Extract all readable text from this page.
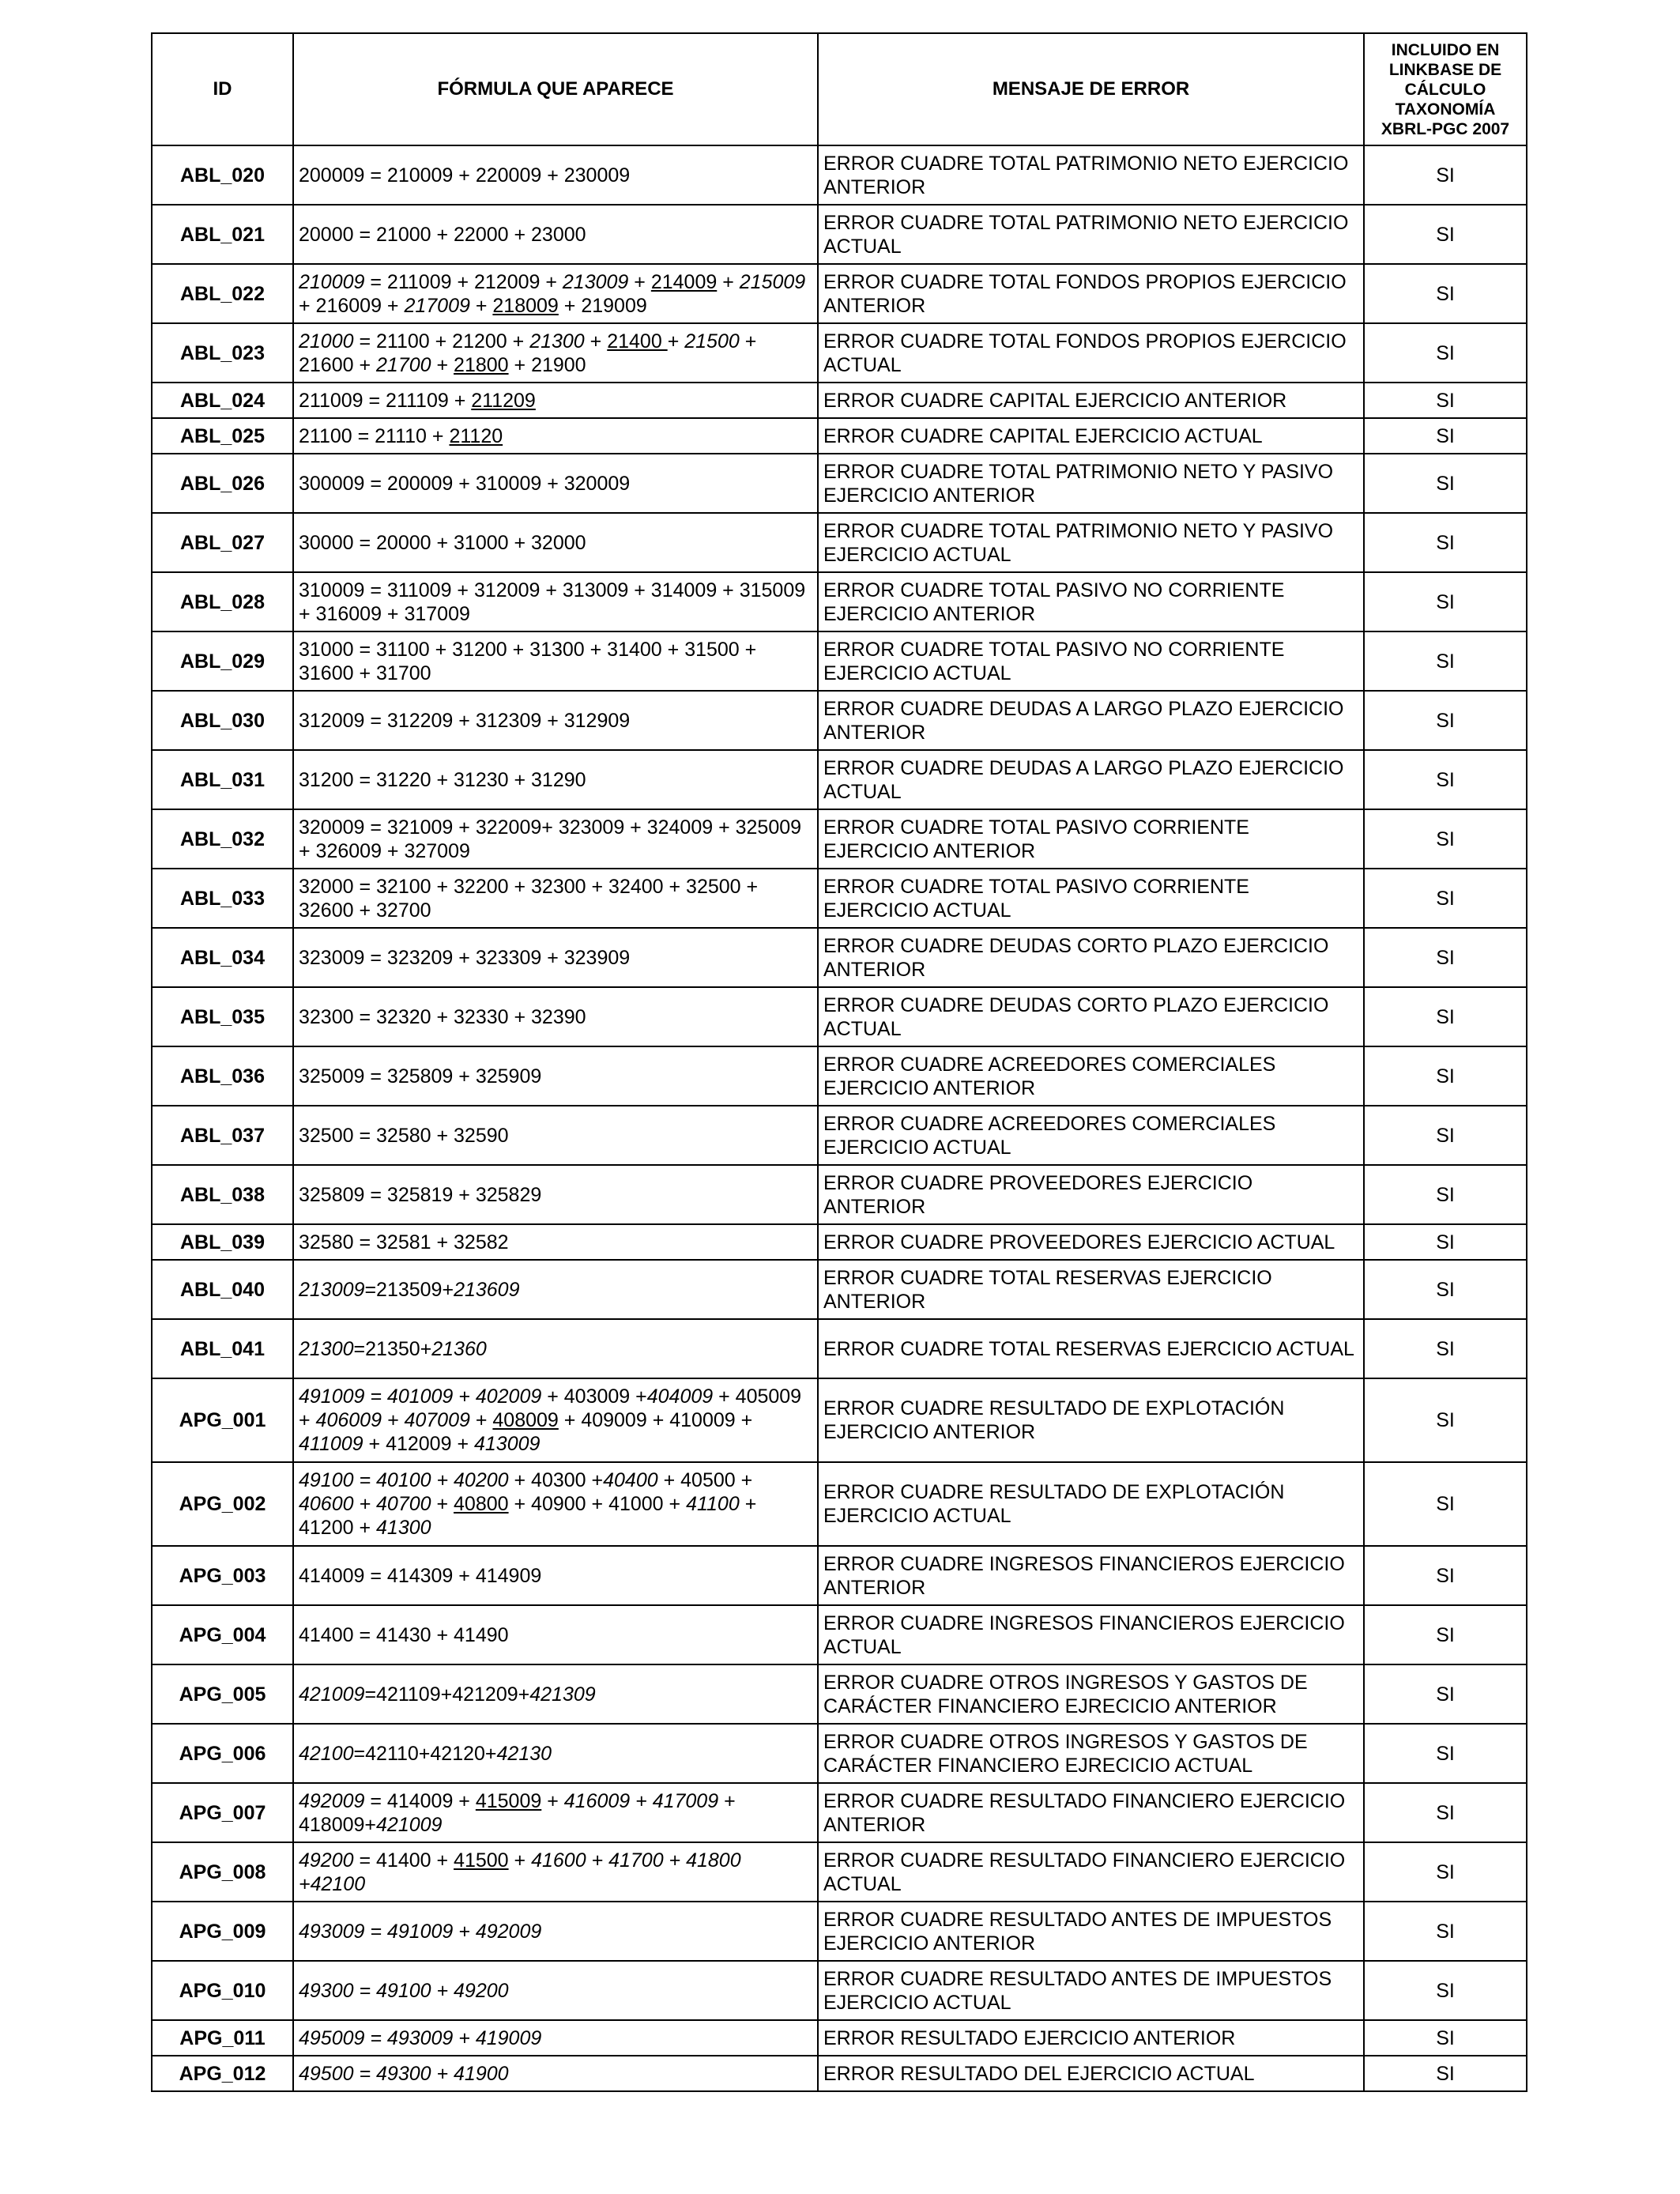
ID	FÓRMULA QUE APARECE	MENSAJE DE ERROR	INCLUIDO EN
LINKBASE DE
CÁLCULO
TAXONOMÍA
XBRL-PGC 2007
ABL_020	200009 = 210009 + 220009 + 230009	ERROR CUADRE TOTAL PATRIMONIO NETO EJERCICIO ANTERIOR	SI
ABL_021	20000 = 21000 + 22000 + 23000	ERROR CUADRE TOTAL PATRIMONIO NETO EJERCICIO ACTUAL	SI
ABL_022	210009 = 211009 + 212009 + 213009 + 214009 + 215009 + 216009 + 217009 + 218009 + 219009	ERROR CUADRE TOTAL FONDOS PROPIOS EJERCICIO ANTERIOR	SI
ABL_023	21000 = 21100 + 21200 + 21300 + 21400 + 21500 + 21600 + 21700 + 21800 + 21900	ERROR CUADRE TOTAL FONDOS PROPIOS EJERCICIO ACTUAL	SI
ABL_024	211009 = 211109 + 211209	ERROR CUADRE CAPITAL EJERCICIO ANTERIOR	SI
ABL_025	21100 = 21110 + 21120	ERROR CUADRE CAPITAL EJERCICIO ACTUAL	SI
ABL_026	300009 = 200009 + 310009 + 320009	ERROR CUADRE TOTAL PATRIMONIO NETO Y PASIVO EJERCICIO ANTERIOR	SI
ABL_027	30000 = 20000 + 31000 + 32000	ERROR CUADRE TOTAL PATRIMONIO NETO Y PASIVO EJERCICIO ACTUAL	SI
ABL_028	310009 = 311009 + 312009 + 313009 + 314009 + 315009 + 316009 + 317009	ERROR CUADRE TOTAL PASIVO NO CORRIENTE EJERCICIO ANTERIOR	SI
ABL_029	31000 = 31100 + 31200 + 31300 + 31400 + 31500 + 31600 + 31700	ERROR CUADRE TOTAL PASIVO NO CORRIENTE EJERCICIO ACTUAL	SI
ABL_030	312009 = 312209 + 312309 + 312909	ERROR CUADRE DEUDAS A LARGO PLAZO EJERCICIO ANTERIOR	SI
ABL_031	31200 = 31220 + 31230 + 31290	ERROR CUADRE DEUDAS A LARGO PLAZO EJERCICIO ACTUAL	SI
ABL_032	320009 = 321009 + 322009+ 323009 + 324009 + 325009 + 326009 + 327009	ERROR CUADRE TOTAL PASIVO CORRIENTE EJERCICIO ANTERIOR	SI
ABL_033	32000 = 32100 + 32200 + 32300 + 32400 + 32500 + 32600 + 32700	ERROR CUADRE TOTAL PASIVO CORRIENTE EJERCICIO ACTUAL	SI
ABL_034	323009 = 323209 + 323309 + 323909	ERROR CUADRE DEUDAS CORTO PLAZO EJERCICIO ANTERIOR	SI
ABL_035	32300 = 32320 + 32330 + 32390	ERROR CUADRE DEUDAS CORTO PLAZO EJERCICIO ACTUAL	SI
ABL_036	325009 = 325809 + 325909	ERROR CUADRE ACREEDORES COMERCIALES EJERCICIO ANTERIOR	SI
ABL_037	32500 = 32580 + 32590	ERROR CUADRE ACREEDORES COMERCIALES EJERCICIO ACTUAL	SI
ABL_038	325809 = 325819 + 325829	ERROR CUADRE PROVEEDORES EJERCICIO ANTERIOR	SI
ABL_039	32580 = 32581 + 32582	ERROR CUADRE PROVEEDORES EJERCICIO ACTUAL	SI
ABL_040	213009=213509+213609	ERROR CUADRE TOTAL RESERVAS EJERCICIO ANTERIOR	SI
ABL_041	21300=21350+21360	ERROR CUADRE TOTAL RESERVAS EJERCICIO ACTUAL	SI
APG_001	491009 = 401009 + 402009 + 403009 +404009 + 405009 + 406009 + 407009 + 408009 + 409009 + 410009 + 411009 + 412009 + 413009	ERROR CUADRE RESULTADO DE EXPLOTACIÓN EJERCICIO ANTERIOR	SI
APG_002	49100 = 40100 + 40200 + 40300 +40400 + 40500 + 40600 + 40700 + 40800 + 40900 + 41000 + 41100 + 41200 + 41300	ERROR CUADRE RESULTADO DE EXPLOTACIÓN EJERCICIO ACTUAL	SI
APG_003	414009 = 414309 + 414909	ERROR CUADRE INGRESOS FINANCIEROS EJERCICIO ANTERIOR	SI
APG_004	41400 = 41430 + 41490	ERROR CUADRE INGRESOS FINANCIEROS EJERCICIO ACTUAL	SI
APG_005	421009=421109+421209+421309	ERROR CUADRE OTROS INGRESOS Y GASTOS DE CARÁCTER FINANCIERO EJRECICIO ANTERIOR	SI
APG_006	42100=42110+42120+42130	ERROR CUADRE OTROS INGRESOS Y GASTOS DE CARÁCTER FINANCIERO EJRECICIO ACTUAL	SI
APG_007	492009 = 414009 + 415009 + 416009 + 417009 + 418009+421009	ERROR CUADRE RESULTADO FINANCIERO EJERCICIO ANTERIOR	SI
APG_008	49200 = 41400 + 41500 + 41600 + 41700 + 41800 +42100	ERROR CUADRE RESULTADO FINANCIERO EJERCICIO ACTUAL	SI
APG_009	493009 = 491009 + 492009	ERROR CUADRE RESULTADO ANTES DE IMPUESTOS EJERCICIO ANTERIOR	SI
APG_010	49300 = 49100 + 49200	ERROR CUADRE RESULTADO ANTES DE IMPUESTOS EJERCICIO ACTUAL	SI
APG_011	495009 = 493009 + 419009	ERROR RESULTADO EJERCICIO ANTERIOR	SI
APG_012	49500 = 49300 + 41900	ERROR RESULTADO DEL EJERCICIO ACTUAL	SI
